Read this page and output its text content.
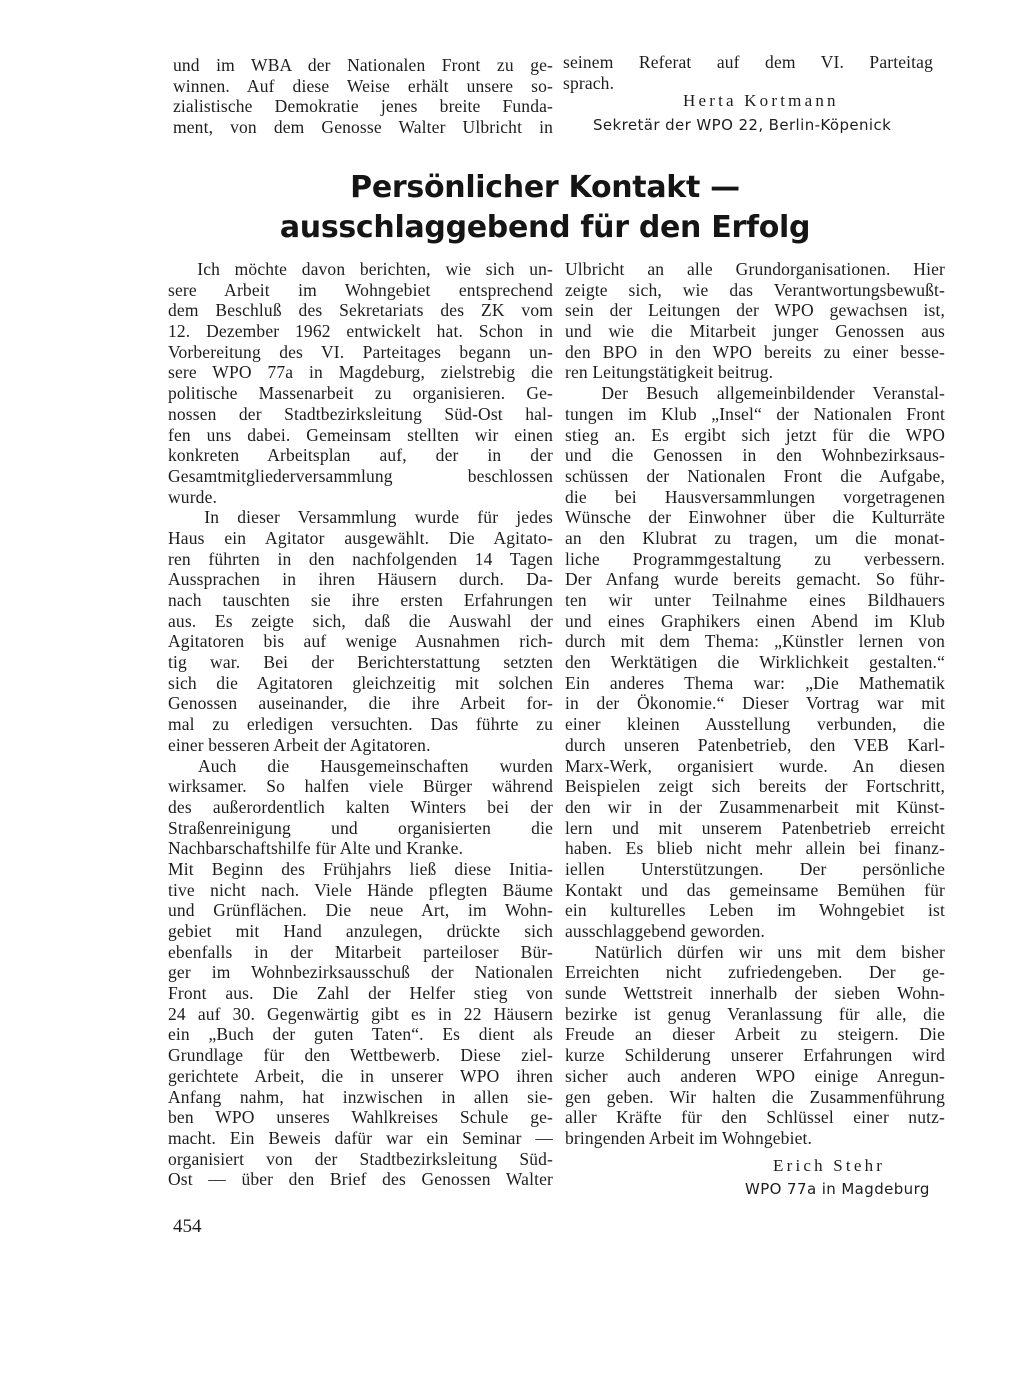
und im WBA der Nationalen Front zu ge-
winnen. Auf diese Weise erhält unsere so-
zialistische Demokratie jenes breite Funda-
ment, von dem Genosse Walter Ulbricht in
seinem  Referat  auf  dem  VI.  Parteitag
sprach.
Herta Kortmann
Sekretär der WPO 22, Berlin-Köpenick
Persönlicher Kontakt —
ausschlaggebend für den Erfolg
Ich möchte davon berichten, wie sich un-
sere  Arbeit  im  Wohngebiet  entsprechend
dem Beschluß des Sekretariats des ZK vom
12. Dezember 1962 entwickelt hat. Schon in
Vorbereitung des VI. Parteitages begann un-
sere WPO 77a in Magdeburg, zielstrebig die
politische Massenarbeit zu organisieren. Ge-
nossen der Stadtbezirksleitung Süd-Ost hal-
fen uns dabei. Gemeinsam stellten wir einen
konkreten  Arbeitsplan  auf,  der  in  der
Gesamtmitgliederversammlung   beschlossen
wurde.
In dieser Versammlung wurde für jedes
Haus ein Agitator ausgewählt. Die Agitato-
ren führten in den nachfolgenden 14 Tagen
Aussprachen in ihren Häusern durch. Da-
nach tauschten sie ihre ersten Erfahrungen
aus. Es zeigte sich, daß die Auswahl der
Agitatoren bis auf wenige Ausnahmen rich-
tig war. Bei der Berichterstattung setzten
sich die Agitatoren gleichzeitig mit solchen
Genossen auseinander, die ihre Arbeit for-
mal zu erledigen versuchten. Das führte zu
einer besseren Arbeit der Agitatoren.
Auch  die  Hausgemeinschaften  wurden
wirksamer. So halfen viele Bürger während
des außerordentlich kalten Winters bei der
Straßenreinigung  und  organisierten  die
Nachbarschaftshilfe für Alte und Kranke.
Mit Beginn des Frühjahrs ließ diese Initia-
tive nicht nach. Viele Hände pflegten Bäume
und Grünflächen. Die neue Art, im Wohn-
gebiet mit Hand anzulegen, drückte sich
ebenfalls in der Mitarbeit parteiloser Bür-
ger im Wohnbezirksausschuß der Nationalen
Front aus. Die Zahl der Helfer stieg von
24 auf 30. Gegenwärtig gibt es in 22 Häusern
ein „Buch der guten Taten“. Es dient als
Grundlage für den Wettbewerb. Diese ziel-
gerichtete Arbeit, die in unserer WPO ihren
Anfang nahm, hat inzwischen in allen sie-
ben WPO unseres Wahlkreises Schule ge-
macht. Ein Beweis dafür war ein Seminar —
organisiert von der Stadtbezirksleitung Süd-
Ost — über den Brief des Genossen Walter
Ulbricht an alle Grundorganisationen. Hier
zeigte sich, wie das Verantwortungsbewußt-
sein der Leitungen der WPO gewachsen ist,
und wie die Mitarbeit junger Genossen aus
den BPO in den WPO bereits zu einer besse-
ren Leitungstätigkeit beitrug.
Der Besuch allgemeinbildender Veranstal-
tungen im Klub „Insel“ der Nationalen Front
stieg an. Es ergibt sich jetzt für die WPO
und die Genossen in den Wohnbezirksaus-
schüssen der Nationalen Front die Aufgabe,
die bei Hausversammlungen vorgetragenen
Wünsche der Einwohner über die Kulturräte
an den Klubrat zu tragen, um die monat-
liche  Programmgestaltung  zu  verbessern.
Der Anfang wurde bereits gemacht. So führ-
ten wir unter Teilnahme eines Bildhauers
und eines Graphikers einen Abend im Klub
durch mit dem Thema: „Künstler lernen von
den Werktätigen die Wirklichkeit gestalten.“
Ein anderes Thema war: „Die Mathematik
in der Ökonomie.“ Dieser Vortrag war mit
einer  kleinen  Ausstellung  verbunden,  die
durch unseren Patenbetrieb, den VEB Karl-
Marx-Werk, organisiert wurde. An diesen
Beispielen zeigt sich bereits der Fortschritt,
den wir in der Zusammenarbeit mit Künst-
lern und mit unserem Patenbetrieb erreicht
haben. Es blieb nicht mehr allein bei finanz-
iellen  Unterstützungen.  Der  persönliche
Kontakt und das gemeinsame Bemühen für
ein  kulturelles  Leben  im  Wohngebiet  ist
ausschlaggebend geworden.
Natürlich dürfen wir uns mit dem bisher
Erreichten  nicht  zufriedengeben.  Der  ge-
sunde Wettstreit innerhalb der sieben Wohn-
bezirke ist genug Veranlassung für alle, die
Freude an dieser Arbeit zu steigern. Die
kurze Schilderung unserer Erfahrungen wird
sicher auch anderen WPO einige Anregun-
gen geben. Wir halten die Zusammenführung
aller Kräfte für den Schlüssel einer nutz-
bringenden Arbeit im Wohngebiet.
Erich Stehr
WPO 77a in Magdeburg
454
